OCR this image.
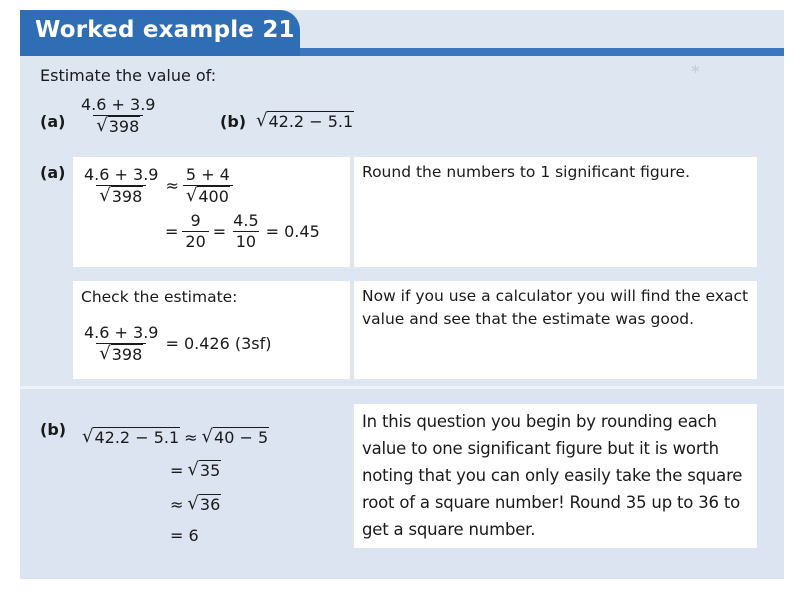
∗
Worked example 21
Estimate the value of:
$(a) \frac{4.6 + 3.9}{√ 398}$	(b) √ 42.2 − 5.1
$(a) \frac{4.6 + 3.9}{√ 398} \approx \frac{5 + 4}{√ 400}$
= $\frac{9}{20} = \frac{4.5}{10} = 0.45$
Round the numbers to 1 significant figure.
Check the estimate:
$\frac{4.6 + 3.9}{√ 398} = 0.426$ (3sf)
Now if you use a calculator you will find the exact value and see that the estimate was good.
(b) √ 42.2 − 5.1 ≈ √ 40 − 5
= √ 35
≈ √ 36
= 6
In this question you begin by rounding each value to one significant figure but it is worth noting that you can only easily take the square root of a square number! Round 35 up to 36 to get a square number.
